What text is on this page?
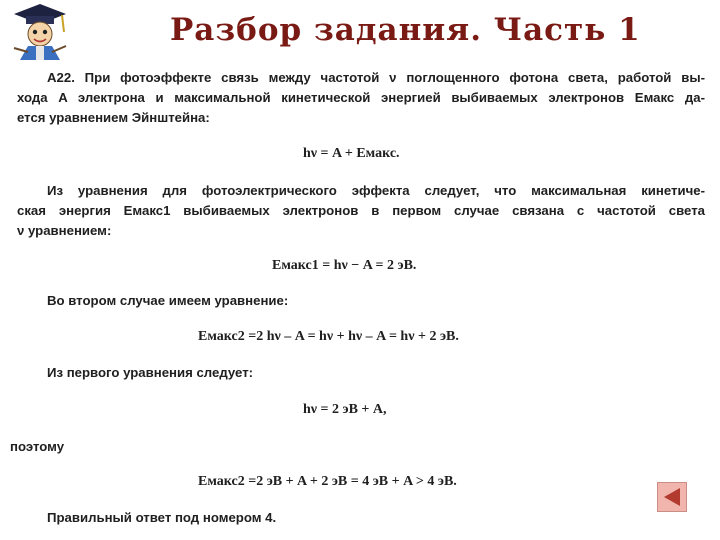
Разбор задания. Часть 1
А22. При фотоэффекте связь между частотой ν поглощенного фотона света, работой вы-
хода A электрона и максимальной кинетической энергией выбиваемых электронов Eмакс да-
ется уравнением Эйнштейна:
hν = A + Eмакс.
Из уравнения для фотоэлектрического эффекта следует, что максимальная кинетиче-
ская энергия Eмакс1 выбиваемых электронов в первом случае связана с частотой света
ν уравнением:
Eмакс1 = hν − A = 2 эВ.
Во втором случае имеем уравнение:
Eмакс2 =2 hν – A = hν + hν – A = hν + 2 эВ.
Из первого уравнения следует:
hν = 2 эВ + A,
поэтому
Eмакс2 =2 эВ + A + 2 эВ = 4 эВ + A > 4 эВ.
Правильный ответ под номером 4.
